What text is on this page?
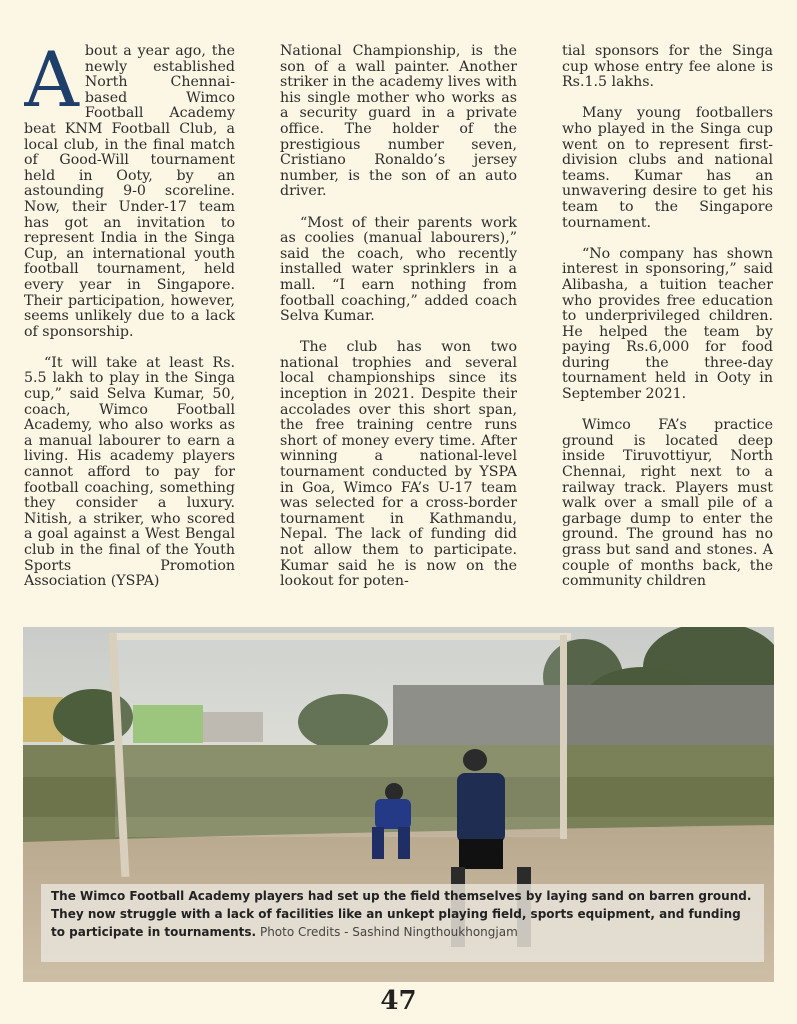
About a year ago, the newly established North Chennai-based Wimco Football Academy beat KNM Football Club, a local club, in the final match of Good-Will tournament held in Ooty, by an astounding 9-0 scoreline. Now, their Under-17 team has got an invitation to represent India in the Singa Cup, an international youth football tournament, held every year in Singapore. Their participation, however, seems unlikely due to a lack of sponsorship.

“It will take at least Rs. 5.5 lakh to play in the Singa cup,” said Selva Kumar, 50, coach, Wimco Football Academy, who also works as a manual labourer to earn a living. His academy players cannot afford to pay for football coaching, something they consider a luxury. Nitish, a striker, who scored a goal against a West Bengal club in the final of the Youth Sports Promotion Association (YSPA)

National Championship, is the son of a wall painter. Another striker in the academy lives with his single mother who works as a security guard in a private office. The holder of the prestigious number seven, Cristiano Ronaldo’s jersey number, is the son of an auto driver.

“Most of their parents work as coolies (manual labourers),” said the coach, who recently installed water sprinklers in a mall. “I earn nothing from football coaching,” added coach Selva Kumar.

The club has won two national trophies and several local championships since its inception in 2021. Despite their accolades over this short span, the free training centre runs short of money every time. After winning a national-level tournament conducted by YSPA in Goa, Wimco FA’s U-17 team was selected for a cross-border tournament in Kathmandu, Nepal. The lack of funding did not allow them to participate. Kumar said he is now on the lookout for poten-

tial sponsors for the Singa cup whose entry fee alone is Rs.1.5 lakhs.

Many young footballers who played in the Singa cup went on to represent first-division clubs and national teams. Kumar has an unwavering desire to get his team to the Singapore tournament.

“No company has shown interest in sponsoring,” said Alibasha, a tuition teacher who provides free education to underprivileged children. He helped the team by paying Rs.6,000 for food during the three-day tournament held in Ooty in September 2021.

Wimco FA’s practice ground is located deep inside Tiruvottiyur, North Chennai, right next to a railway track. Players must walk over a small pile of a garbage dump to enter the ground. The ground has no grass but sand and stones. A couple of months back, the community children

The Wimco Football Academy players had set up the field themselves by laying sand on barren ground. They now struggle with a lack of facilities like an unkept playing field, sports equipment, and funding to participate in tournaments. Photo Credits - Sashind Ningthoukhongjam
47
